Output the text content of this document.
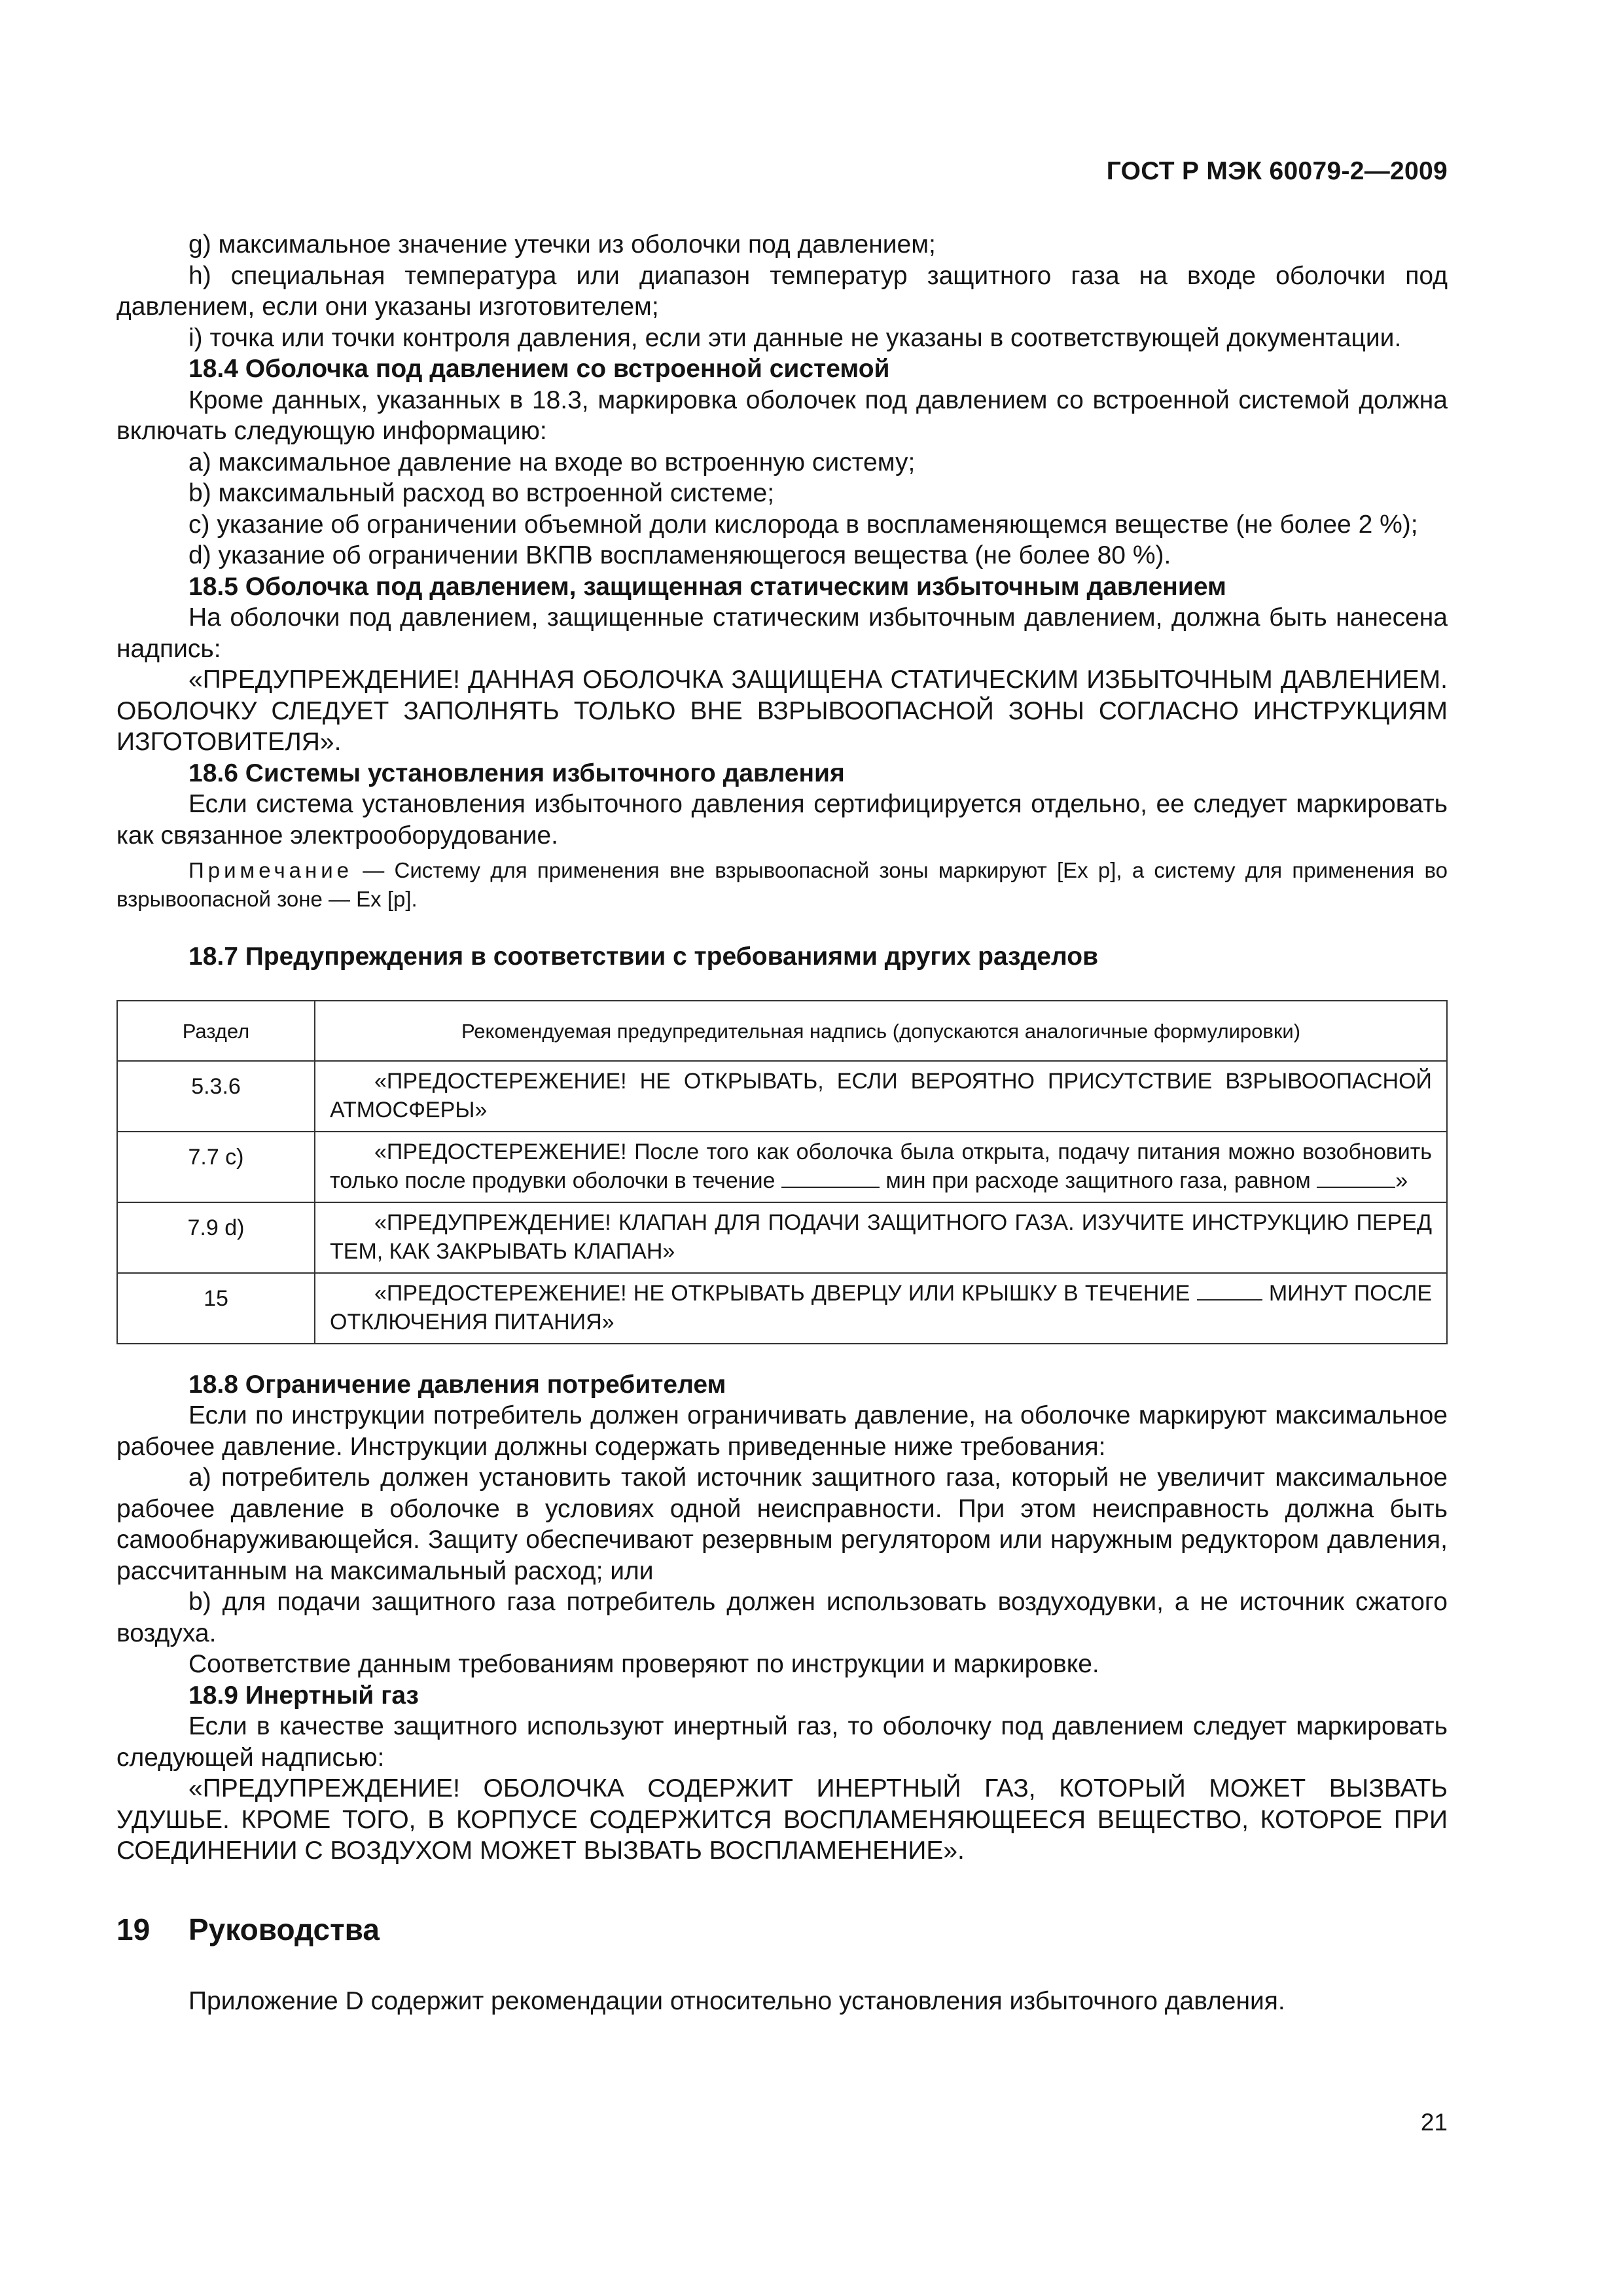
ГОСТ Р МЭК 60079-2—2009

g) максимальное значение утечки из оболочки под давлением;

h) специальная температура или диапазон температур защитного газа на входе оболочки под давлением, если они указаны изготовителем;

i) точка или точки контроля давления, если эти данные не указаны в соответствующей документации.

18.4 Оболочка под давлением со встроенной системой

Кроме данных, указанных в 18.3, маркировка оболочек под давлением со встроенной системой должна включать следующую информацию:

a) максимальное давление на входе во встроенную систему;

b) максимальный расход во встроенной системе;

c) указание об ограничении объемной доли кислорода в воспламеняющемся веществе (не более 2 %);

d) указание об ограничении ВКПВ воспламеняющегося вещества (не более 80 %).

18.5 Оболочка под давлением, защищенная статическим избыточным давлением

На оболочки под давлением, защищенные статическим избыточным давлением, должна быть нанесена надпись:

«ПРЕДУПРЕЖДЕНИЕ! ДАННАЯ ОБОЛОЧКА ЗАЩИЩЕНА СТАТИЧЕСКИМ ИЗБЫТОЧНЫМ ДАВЛЕНИЕМ. ОБОЛОЧКУ СЛЕДУЕТ ЗАПОЛНЯТЬ ТОЛЬКО ВНЕ ВЗРЫВООПАСНОЙ ЗОНЫ СОГЛАСНО ИНСТРУКЦИЯМ ИЗГОТОВИТЕЛЯ».

18.6 Системы установления избыточного давления

Если система установления избыточного давления сертифицируется отдельно, ее следует маркировать как связанное электрооборудование.

Примечание — Систему для применения вне взрывоопасной зоны маркируют [Ex p], а систему для применения во взрывоопасной зоне — Ex [p].

18.7 Предупреждения в соответствии с требованиями других разделов

Раздел	Рекомендуемая предупредительная надпись (допускаются аналогичные формулировки)
5.3.6	«ПРЕДОСТЕРЕЖЕНИЕ! НЕ ОТКРЫВАТЬ, ЕСЛИ ВЕРОЯТНО ПРИСУТСТВИЕ ВЗРЫВООПАСНОЙ АТМОСФЕРЫ»
7.7 c)	«ПРЕДОСТЕРЕЖЕНИЕ! После того как оболочка была открыта, подачу питания можно возобновить только после продувки оболочки в течение мин при расходе защитного газа, равном »
7.9 d)	«ПРЕДУПРЕЖДЕНИЕ! КЛАПАН ДЛЯ ПОДАЧИ ЗАЩИТНОГО ГАЗА. ИЗУЧИТЕ ИНСТРУКЦИЮ ПЕРЕД ТЕМ, КАК ЗАКРЫВАТЬ КЛАПАН»
15	«ПРЕДОСТЕРЕЖЕНИЕ! НЕ ОТКРЫВАТЬ ДВЕРЦУ ИЛИ КРЫШКУ В ТЕЧЕНИЕ МИНУТ ПОСЛЕ ОТКЛЮЧЕНИЯ ПИТАНИЯ»

18.8 Ограничение давления потребителем

Если по инструкции потребитель должен ограничивать давление, на оболочке маркируют максимальное рабочее давление. Инструкции должны содержать приведенные ниже требования:

a) потребитель должен установить такой источник защитного газа, который не увеличит максимальное рабочее давление в оболочке в условиях одной неисправности. При этом неисправность должна быть самообнаруживающейся. Защиту обеспечивают резервным регулятором или наружным редуктором давления, рассчитанным на максимальный расход; или

b) для подачи защитного газа потребитель должен использовать воздуходувки, а не источник сжатого воздуха.

Соответствие данным требованиям проверяют по инструкции и маркировке.

18.9 Инертный газ

Если в качестве защитного используют инертный газ, то оболочку под давлением следует маркировать следующей надписью:

«ПРЕДУПРЕЖДЕНИЕ! ОБОЛОЧКА СОДЕРЖИТ ИНЕРТНЫЙ ГАЗ, КОТОРЫЙ МОЖЕТ ВЫЗВАТЬ УДУШЬЕ. КРОМЕ ТОГО, В КОРПУСЕ СОДЕРЖИТСЯ ВОСПЛАМЕНЯЮЩЕЕСЯ ВЕЩЕСТВО, КОТОРОЕ ПРИ СОЕДИНЕНИИ С ВОЗДУХОМ МОЖЕТ ВЫЗВАТЬ ВОСПЛАМЕНЕНИЕ».

19 Руководства

Приложение D содержит рекомендации относительно установления избыточного давления.

21
